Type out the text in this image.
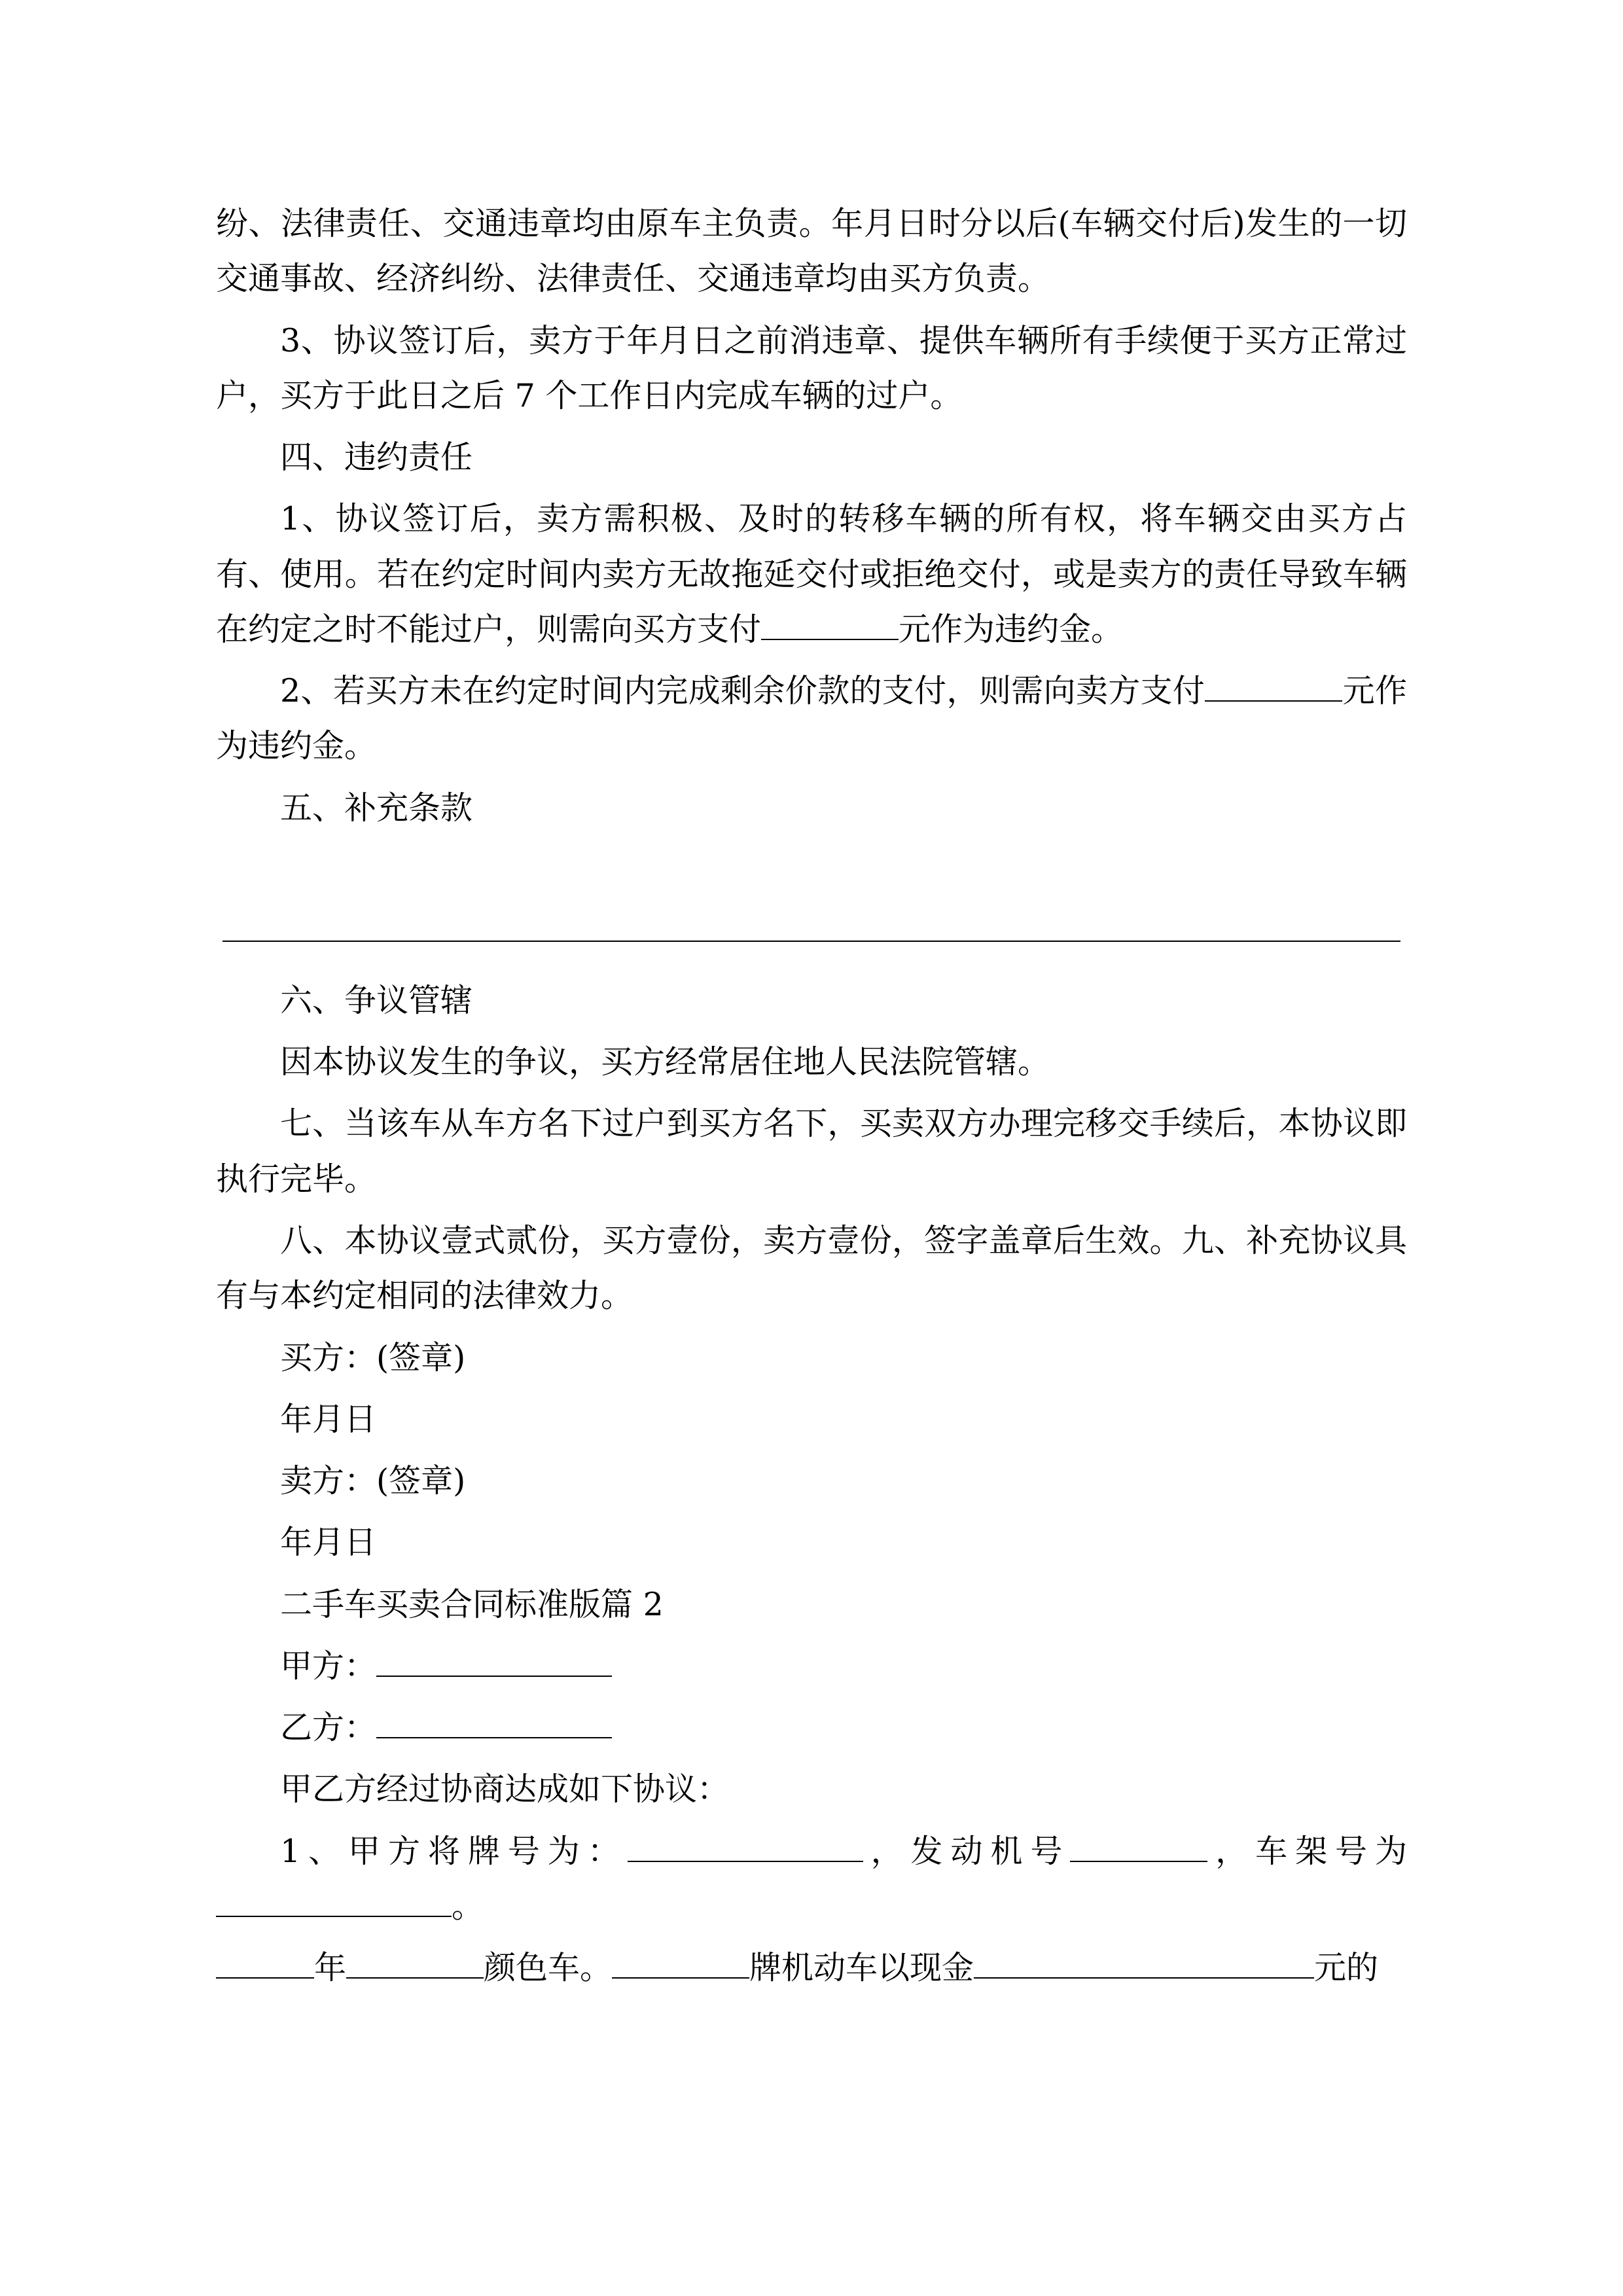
纷、法律责任、交通违章均由原车主负责。年月日时分以后(车辆交付后)发生的一切交通事故、经济纠纷、法律责任、交通违章均由买方负责。

3、协议签订后，卖方于年月日之前消违章、提供车辆所有手续便于买方正常过户，买方于此日之后 7 个工作日内完成车辆的过户。

四、违约责任

1、协议签订后，卖方需积极、及时的转移车辆的所有权，将车辆交由买方占有、使用。若在约定时间内卖方无故拖延交付或拒绝交付，或是卖方的责任导致车辆在约定之时不能过户，则需向买方支付	元作为违约金。

2、若买方未在约定时间内完成剩余价款的支付，则需向卖方支付	元作为违约金。

五、补充条款

六、争议管辖

因本协议发生的争议，买方经常居住地人民法院管辖。

七、当该车从车方名下过户到买方名下，买卖双方办理完移交手续后，本协议即执行完毕。

八、本协议壹式贰份，买方壹份，卖方壹份，签字盖章后生效。九、补充协议具有与本约定相同的法律效力。

买方：(签章)

年月日

卖方：(签章)

年月日

二手车买卖合同标准版篇 2

甲方：

乙方：

甲乙方经过协商达成如下协议：

1、甲方将牌号为：	，发动机号	，车架号为。

年	颜色车。	牌机动车以现金	元的
